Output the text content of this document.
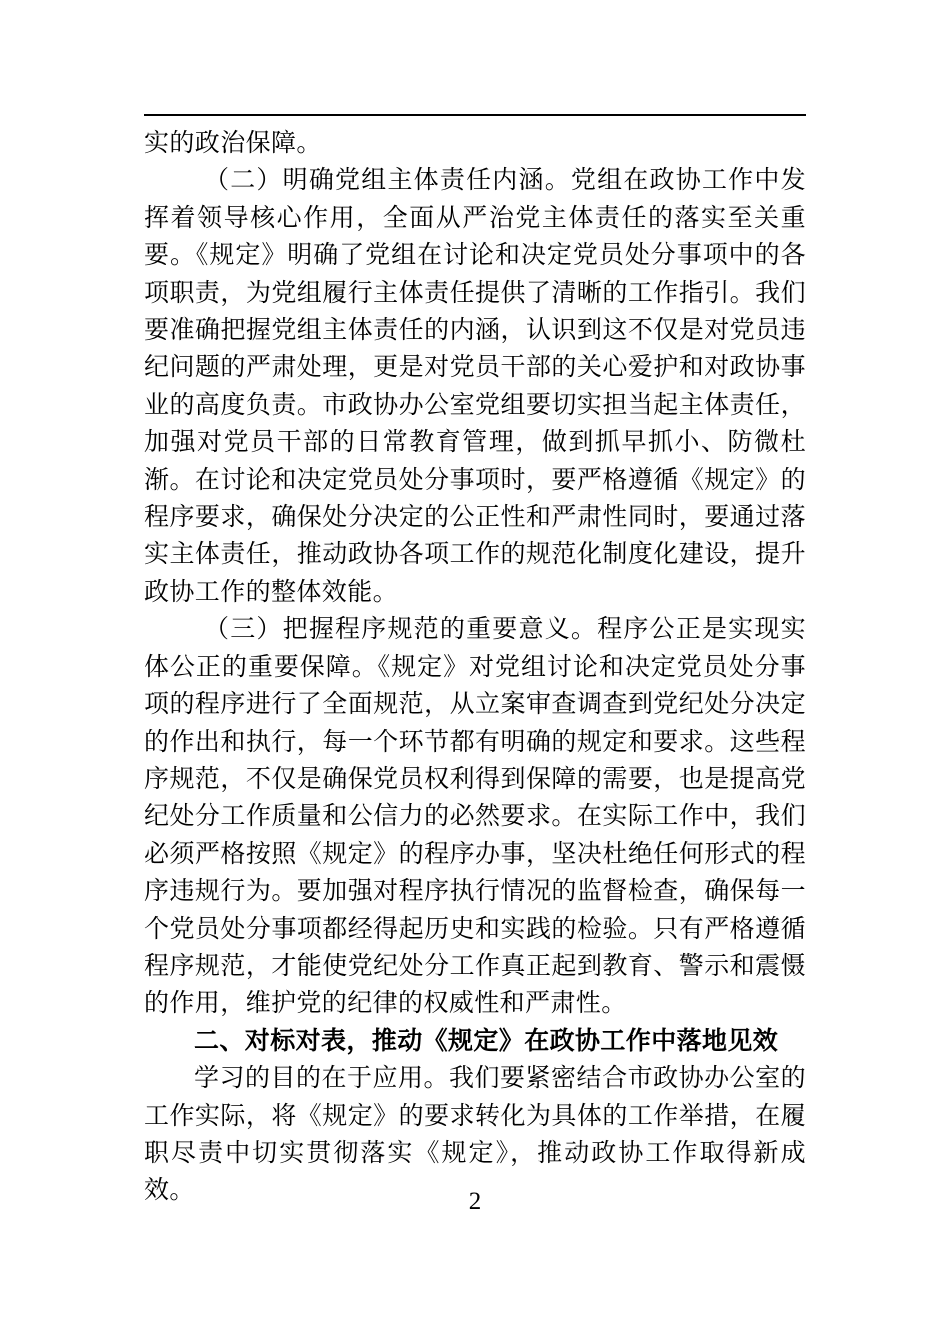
实的政治保障。

（二）明确党组主体责任内涵。党组在政协工作中发挥着领导核心作用，全面从严治党主体责任的落实至关重要。《规定》明确了党组在讨论和决定党员处分事项中的各项职责，为党组履行主体责任提供了清晰的工作指引。我们要准确把握党组主体责任的内涵，认识到这不仅是对党员违纪问题的严肃处理，更是对党员干部的关心爱护和对政协事业的高度负责。市政协办公室党组要切实担当起主体责任，加强对党员干部的日常教育管理，做到抓早抓小、防微杜渐。在讨论和决定党员处分事项时，要严格遵循《规定》的程序要求，确保处分决定的公正性和严肃性同时，要通过落实主体责任，推动政协各项工作的规范化制度化建设，提升政协工作的整体效能。

（三）把握程序规范的重要意义。程序公正是实现实体公正的重要保障。《规定》对党组讨论和决定党员处分事项的程序进行了全面规范，从立案审查调查到党纪处分决定的作出和执行，每一个环节都有明确的规定和要求。这些程序规范，不仅是确保党员权利得到保障的需要，也是提高党纪处分工作质量和公信力的必然要求。在实际工作中，我们必须严格按照《规定》的程序办事，坚决杜绝任何形式的程序违规行为。要加强对程序执行情况的监督检查，确保每一个党员处分事项都经得起历史和实践的检验。只有严格遵循程序规范，才能使党纪处分工作真正起到教育、警示和震慑的作用，维护党的纪律的权威性和严肃性。

二、对标对表，推动《规定》在政协工作中落地见效

学习的目的在于应用。我们要紧密结合市政协办公室的工作实际，将《规定》的要求转化为具体的工作举措，在履职尽责中切实贯彻落实《规定》，推动政协工作取得新成效。	2
